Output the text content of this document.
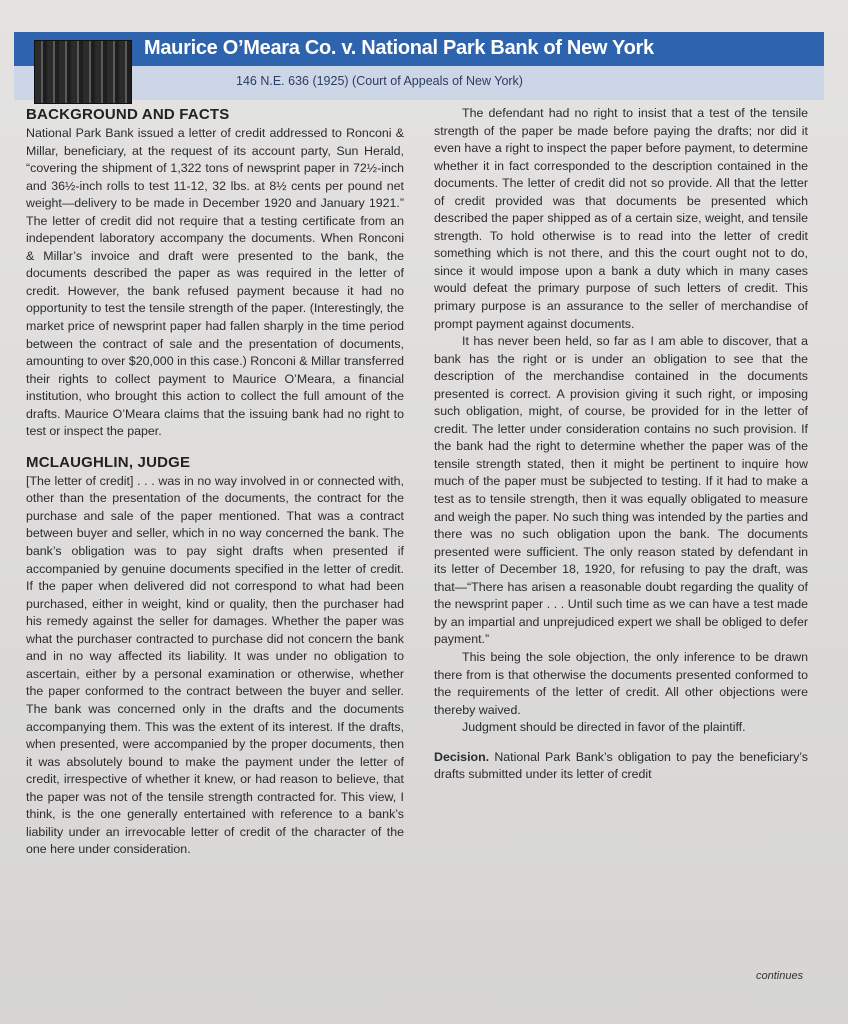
Maurice O’Meara Co. v. National Park Bank of New York
146 N.E. 636 (1925) (Court of Appeals of New York)

BACKGROUND AND FACTS

National Park Bank issued a letter of credit addressed to Ronconi & Millar, beneficiary, at the request of its account party, Sun Herald, “covering the shipment of 1,322 tons of newsprint paper in 72½-inch and 36½-inch rolls to test 11-12, 32 lbs. at 8½ cents per pound net weight—delivery to be made in December 1920 and January 1921.” The letter of credit did not require that a testing certificate from an independent laboratory accompany the documents. When Ronconi & Millar’s invoice and draft were presented to the bank, the documents described the paper as was required in the letter of credit. However, the bank refused payment because it had no opportunity to test the tensile strength of the paper. (Interestingly, the market price of newsprint paper had fallen sharply in the time period between the contract of sale and the presentation of documents, amounting to over $20,000 in this case.) Ronconi & Millar transferred their rights to collect payment to Maurice O’Meara, a financial institution, who brought this action to collect the full amount of the drafts. Maurice O’Meara claims that the issuing bank had no right to test or inspect the paper.

MCLAUGHLIN, JUDGE

[The letter of credit] . . . was in no way involved in or connected with, other than the presentation of the documents, the contract for the purchase and sale of the paper mentioned. That was a contract between buyer and seller, which in no way concerned the bank. The bank’s obligation was to pay sight drafts when presented if accompanied by genuine documents specified in the letter of credit. If the paper when delivered did not correspond to what had been purchased, either in weight, kind or quality, then the purchaser had his remedy against the seller for damages. Whether the paper was what the purchaser contracted to purchase did not concern the bank and in no way affected its liability. It was under no obligation to ascertain, either by a personal examination or otherwise, whether the paper conformed to the contract between the buyer and seller. The bank was concerned only in the drafts and the documents accompanying them. This was the extent of its interest. If the drafts, when presented, were accompanied by the proper documents, then it was absolutely bound to make the payment under the letter of credit, irrespective of whether it knew, or had reason to believe, that the paper was not of the tensile strength contracted for. This view, I think, is the one generally entertained with reference to a bank’s liability under an irrevocable letter of credit of the character of the one here under consideration.

continues

The defendant had no right to insist that a test of the tensile strength of the paper be made before paying the drafts; nor did it even have a right to inspect the paper before payment, to determine whether it in fact corresponded to the description contained in the documents. The letter of credit did not so provide. All that the letter of credit provided was that documents be presented which described the paper shipped as of a certain size, weight, and tensile strength. To hold otherwise is to read into the letter of credit something which is not there, and this the court ought not to do, since it would impose upon a bank a duty which in many cases would defeat the primary purpose of such letters of credit. This primary purpose is an assurance to the seller of merchandise of prompt payment against documents.

It has never been held, so far as I am able to discover, that a bank has the right or is under an obligation to see that the description of the merchandise contained in the documents presented is correct. A provision giving it such right, or imposing such obligation, might, of course, be provided for in the letter of credit. The letter under consideration contains no such provision. If the bank had the right to determine whether the paper was of the tensile strength stated, then it might be pertinent to inquire how much of the paper must be subjected to testing. If it had to make a test as to tensile strength, then it was equally obligated to measure and weigh the paper. No such thing was intended by the parties and there was no such obligation upon the bank. The documents presented were sufficient. The only reason stated by defendant in its letter of December 18, 1920, for refusing to pay the draft, was that—“There has arisen a reasonable doubt regarding the quality of the newsprint paper . . . Until such time as we can have a test made by an impartial and unprejudiced expert we shall be obliged to defer payment.”

This being the sole objection, the only inference to be drawn there from is that otherwise the documents presented conformed to the requirements of the letter of credit. All other objections were thereby waived.

Judgment should be directed in favor of the plaintiff.

Decision. National Park Bank’s obligation to pay the beneficiary’s drafts submitted under its letter of credit
